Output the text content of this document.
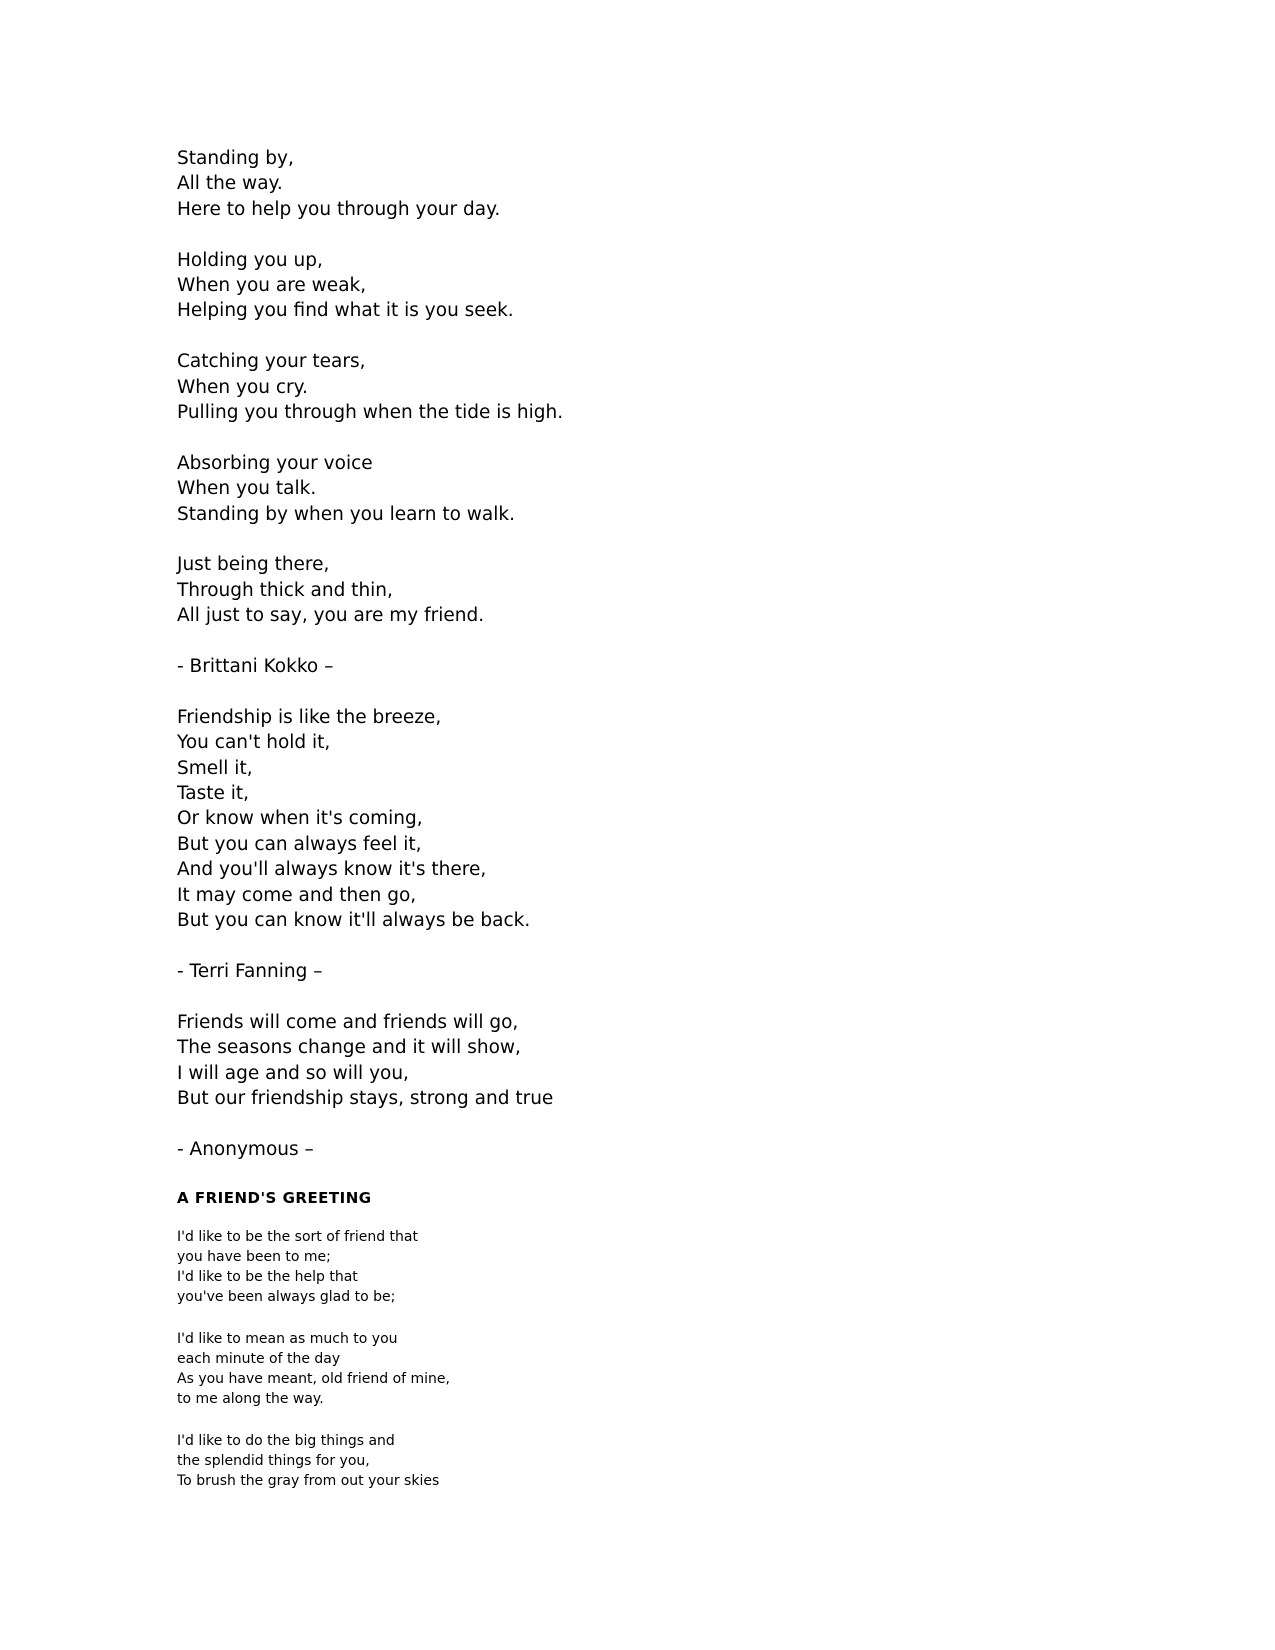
Standing by,
All the way.
Here to help you through your day.

Holding you up,
When you are weak,
Helping you find what it is you seek.

Catching your tears,
When you cry.
Pulling you through when the tide is high.

Absorbing your voice
When you talk.
Standing by when you learn to walk.

Just being there,
Through thick and thin,
All just to say, you are my friend.

- Brittani Kokko –

Friendship is like the breeze,
You can't hold it,
Smell it,
Taste it,
Or know when it's coming,
But you can always feel it,
And you'll always know it's there,
It may come and then go,
But you can know it'll always be back.

- Terri Fanning –

Friends will come and friends will go,
The seasons change and it will show,
I will age and so will you,
But our friendship stays, strong and true

- Anonymous –

A FRIEND'S GREETING

I'd like to be the sort of friend that
you have been to me;
I'd like to be the help that
you've been always glad to be;

I'd like to mean as much to you
each minute of the day
As you have meant, old friend of mine,
to me along the way.

I'd like to do the big things and
the splendid things for you,
To brush the gray from out your skies
